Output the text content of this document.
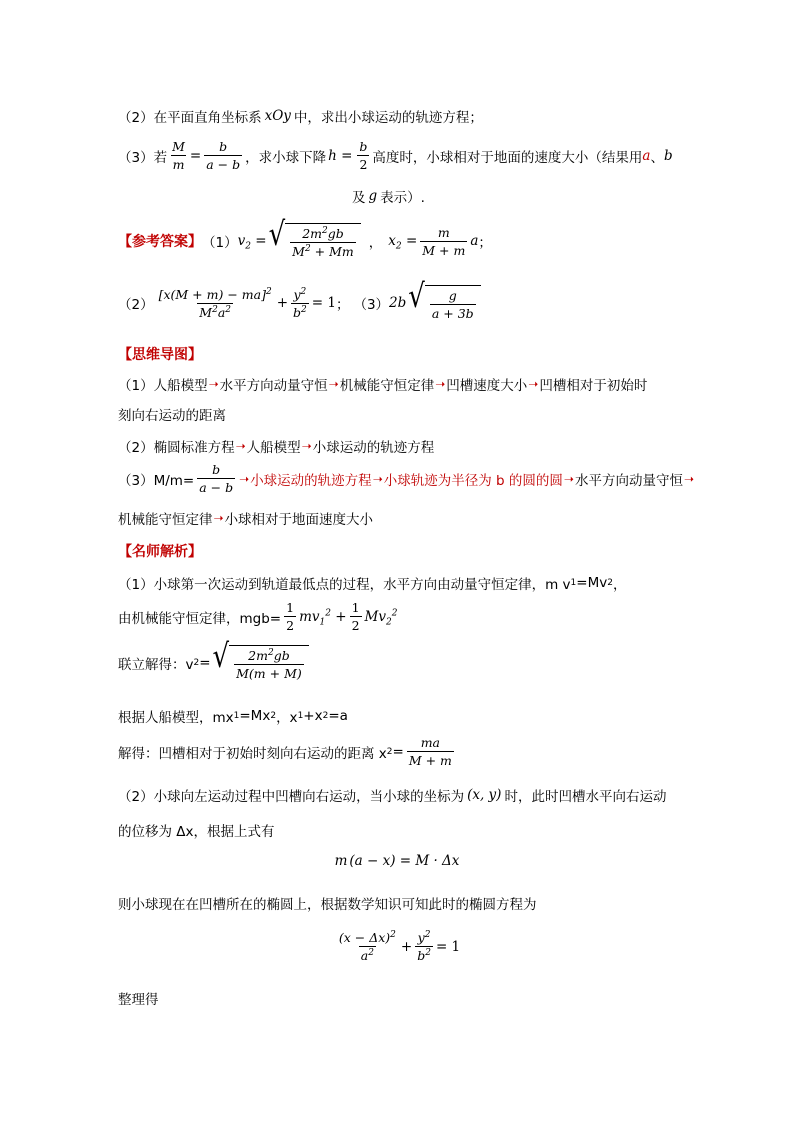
（2） 在平面直角坐标系 xOy 中，求出小球运动的轨迹方程；
（3） 若 $\frac{M}{m} = \frac{b}{a - b}$ ，求小球下降 $h = \frac{b}{2}$ 高度时，小球相对于地面的速度大小（结果用 a 、 b
及 g 表示）.
【参考答案】 （1） $v_2$ = √ $\frac{2m^2gb}{M^2 + Mm}$ ， $x_2 = \frac{m}{M + m}$ a ；
$(2) \frac{[x(M + m) - ma]^2}{M^2a^2} + \frac{y^2}{b^2} = 1$ ； （3） 2b √ $\frac{g}{a + 3b}$
【思维导图】
（1）人船模型 ➝ 水平方向动量守恒 ➝ 机械能守恒定律 ➝ 凹槽速度大小 ➝ 凹槽相对于初始时
刻向右运动的距离
（2）椭圆标准方程 ➝ 人船模型 ➝ 小球运动的轨迹方程
$(3)M/m= \frac{b}{a - b}$ ➝ 小球运动的轨迹方程 ➝ 小球轨迹为半径为 b 的圆 的圆 ➝ 水平方向动量守恒 ➝
机械能守恒定律 ➝ 小球相对于地面速度大小
【名师解析】
（1）小球第一次运动到轨道最低点的过程，水平方向由动量守恒定律，m v 1 =Mv 2 ，
由机械能守恒定律，$mgb= \frac{1}{2} mv_1^2 + \frac{1}{2} Mv_2^2$
联立解得：v 2 = √ $\frac{2m^2gb}{M(m + M)}$
根据人船模型，mx 1 =Mx 2 ，x 1 +x 2 =a
解得：凹槽相对于初始时刻向右运动的距离 x $2 = \frac{ma}{M + m}$
（2）小球向左运动过程中凹槽向右运动，当小球的坐标为 (x, y) 时，此时凹槽水平向右运动
的位移为 Δx，根据上式有
m (a − x) = M · Δx
则小球现在在凹槽所在的椭圆上，根据数学知识可知此时的椭圆方程为
$\frac{(x - \Delta x)^2}{a^2} + \frac{y^2}{b^2} = 1$
整理得
